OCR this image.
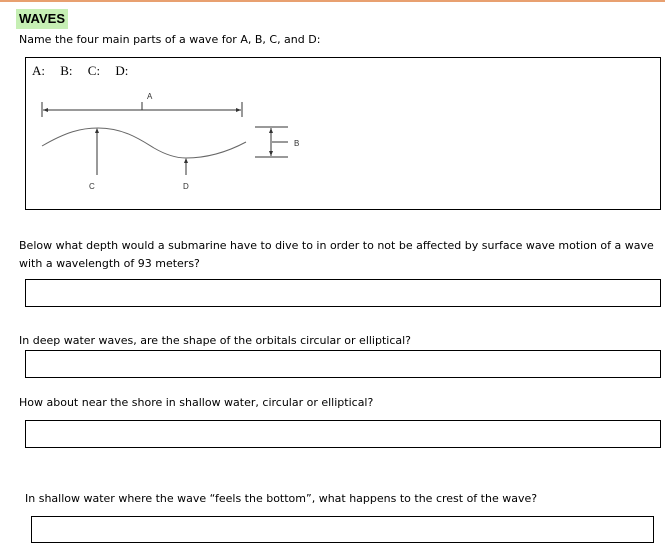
WAVES
Name the four main parts of a wave for A, B, C, and D:
A: B: C: D:
A
C	D
B
Below what depth would a submarine have to dive to in order to not be affected by surface wave motion of a wave with a wavelength of 93 meters?
In deep water waves, are the shape of the orbitals circular or elliptical?
How about near the shore in shallow water, circular or elliptical?
In shallow water where the wave “feels the bottom”, what happens to the crest of the wave?
